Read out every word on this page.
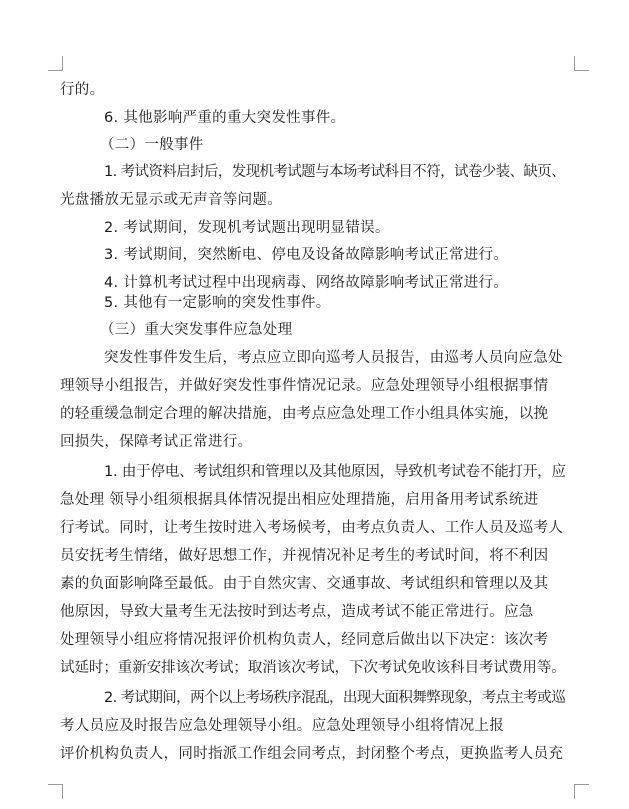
行的。
6. 其他影响严重的重大突发性事件。
（二）一般事件
1. 考试资料启封后，发现机考试题与本场考试科目不符，试卷少装、缺页、
光盘播放无显示或无声音等问题。
2. 考试期间，发现机考试题出现明显错误。
3. 考试期间，突然断电、停电及设备故障影响考试正常进行。
4. 计算机考试过程中出现病毒、网络故障影响考试正常进行。
5. 其他有一定影响的突发性事件。
（三）重大突发事件应急处理
突发性事件发生后，考点应立即向巡考人员报告，由巡考人员向应急处
理领导小组报告，并做好突发性事件情况记录。应急处理领导小组根据事情
的轻重缓急制定合理的解决措施，由考点应急处理工作小组具体实施，以挽
回损失，保障考试正常进行。
1. 由于停电、考试组织和管理以及其他原因，导致机考试卷不能打开，应
急处理 领导小组须根据具体情况提出相应处理措施，启用备用考试系统进
行考试。同时，让考生按时进入考场候考，由考点负责人、工作人员及巡考人
员安抚考生情绪，做好思想工作，并视情况补足考生的考试时间，将不利因
素的负面影响降至最低。由于自然灾害、交通事故、考试组织和管理以及其
他原因，导致大量考生无法按时到达考点，造成考试不能正常进行。应急
处理领导小组应将情况报评价机构负责人，经同意后做出以下决定：该次考
试延时；重新安排该次考试；取消该次考试，下次考试免收该科目考试费用等。
2. 考试期间，两个以上考场秩序混乱，出现大面积舞弊现象，考点主考或巡
考人员应及时报告应急处理领导小组。应急处理领导小组将情况上报
评价机构负责人，同时指派工作组会同考点，封闭整个考点，更换监考人员充
